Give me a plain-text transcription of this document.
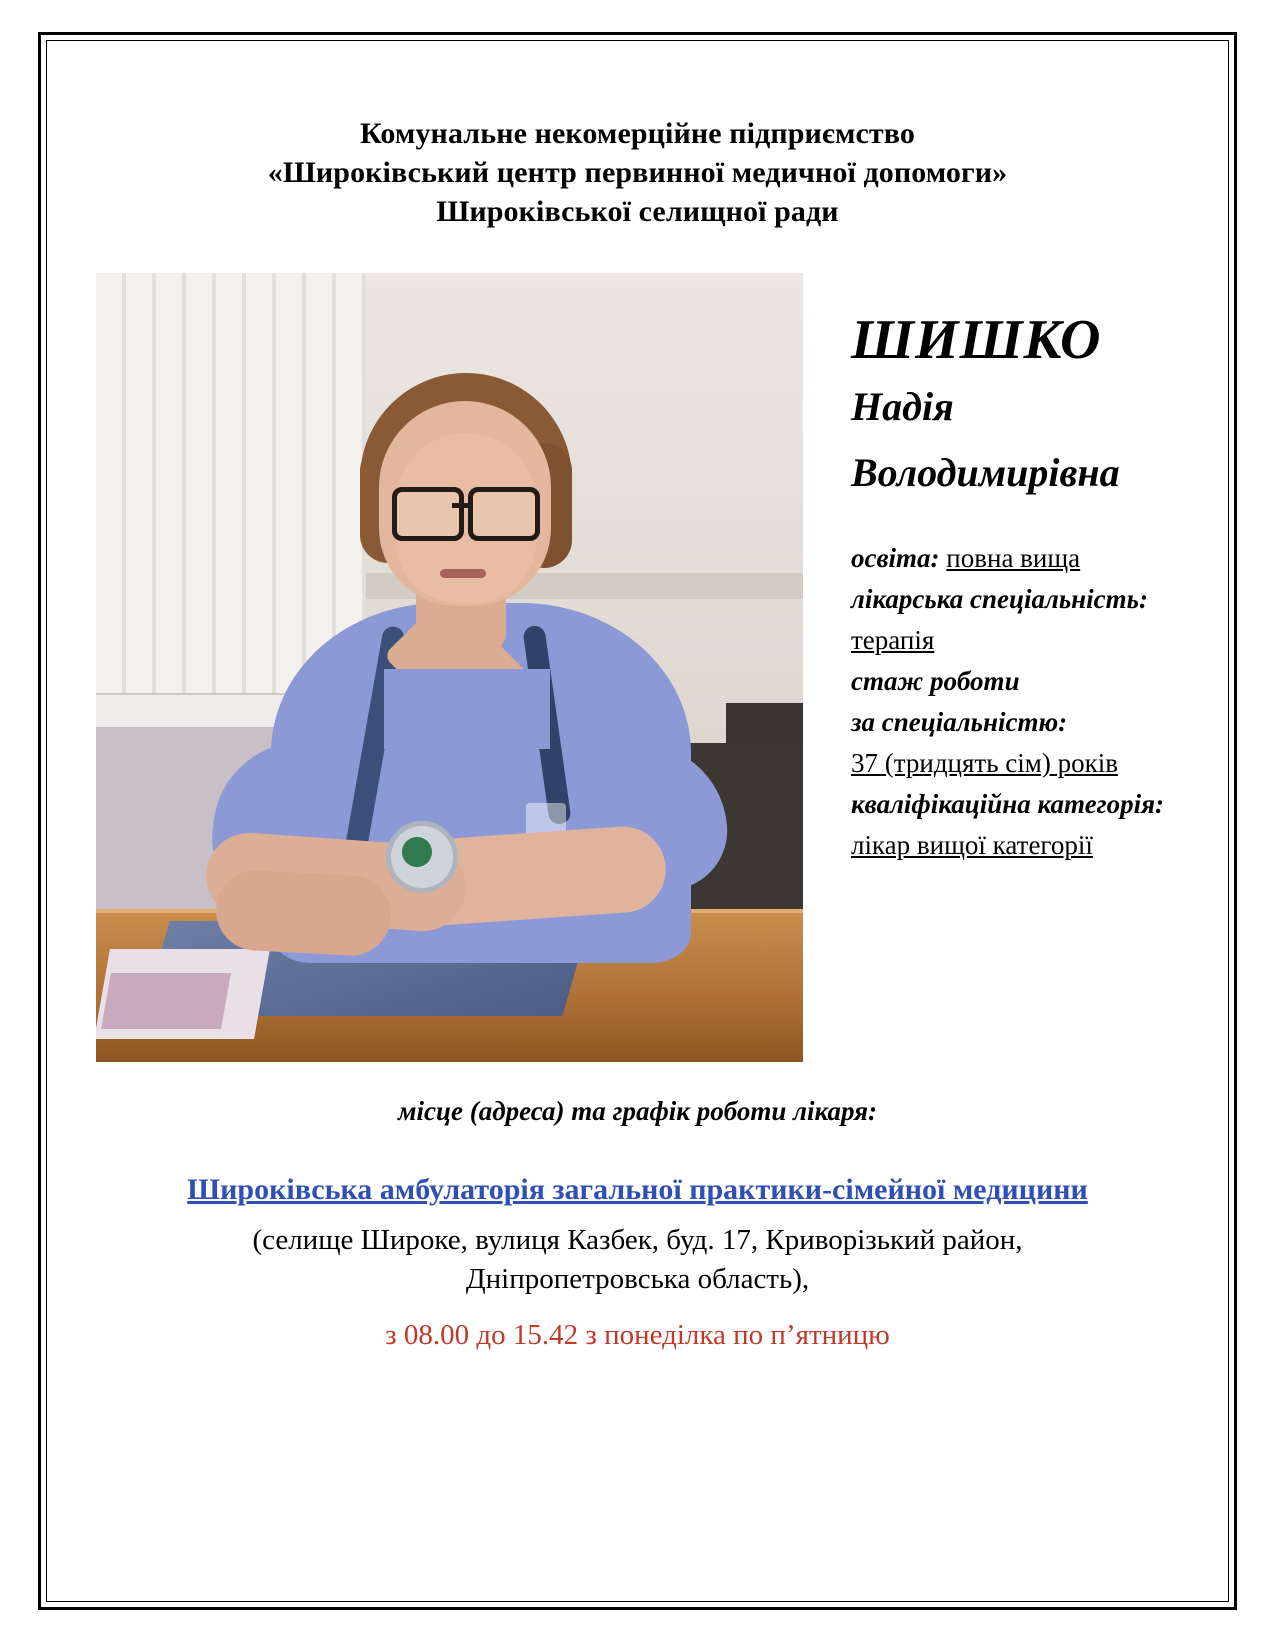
Комунальне некомерційне підприємство
«Широківський центр первинної медичної допомоги»
Широківської селищної ради
ШИШКО
Надія
Володимирівна

освіта: повна вища

лікарська спеціальність:

терапія

стаж роботи

за спеціальністю:

37 (тридцять сім) років

кваліфікаційна категорія:

лікар вищої категорії

місце (адреса) та графік роботи лікаря:
Широківська амбулаторія загальної практики-сімейної медицини
(селище Широке, вулиця Казбек, буд. 17, Криворізький район,
Дніпропетровська область),
з 08.00 до 15.42 з понеділка по п’ятницю
